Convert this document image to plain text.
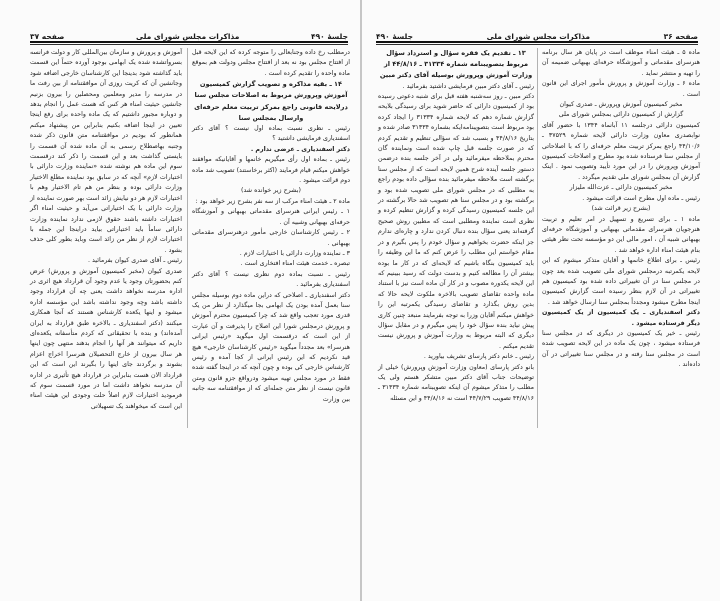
جلسهٔ ۴۹۰
مذاکرات مجلس شورای ملی
صفحه ۳۷

درمطلب رخ داده وجنابعالی را متوجه کرده که این لایحه قبل از افتتاح مجلس بود نه بعد از افتتاح مجلس ودولت هم بموقع ماده واحده را تقدیم کرده است .

۱۴ ـ بقیه مذاکره و تصویب گزارش کمیسیون آموزش وپرورش مربوط به اصلاحات مجلس سنا درلایحه قانونی راجع بمرکز تربیت معلم حرفه‌ای وارسال بمجلس سنا

رئیس ـ نظری نسبت بماده اول نیست ؟ آقای دکتر اسفندیاری فرمایشی داشتید ؟

دکتر اسفندیاری ـ عرضی ندارم .

رئیس ـ بماده اول رأی میگیریم خانمها و آقایانیکه موافقند خواهش میکنم قیام فرمایند (اکثر برخاستند) تصویب شد ماده دوم قرائت میشود .

(بشرح زیر خوانده شد)

ماده ۲ ـ هیئت امناء مرکب از سه نفر بشرح زیر خواهد بود :

۱ ـ رئیس ایرانی هنرسرای مقدماتی بهبهانی و آموزشگاه حرفه‌ای بهبهانی وشبیه آن .

۲ ـ رئیس کارشناسان خارجی مأمور درهنرسرای مقدماتی بهبهانی .

۳ ـ نماینده وزارت دارائی با اختیارات لازم .

تبصره ـ خدمت هیئت امناء افتخاری است .

رئیس ـ نسبت بماده دوم نظری نیست ؟ آقای دکتر اسفندیاری بفرمائید .

دکتر اسفندیاری ـ اصلاحی که دراین ماده دوم بوسیله مجلس سنا بعمل آمده بودن یک ابهامی بجا میگذارد از نظر من یک قدری مورد تعجب واقع شد که چرا کمیسیون محترم آموزش و پرورش درمجلس شورا این اصلاح را پذیرفت و آن عبارت از این است که درقسمت اول میگوید «رئیس ایرانی هنرسرا» بعد مجدداً میگوید «رئیس کارشناسان خارجی» هیچ قید نکردیم که این رئیس ایرانی از کجا آمده و رئیس کارشناس خارجی کی بوده و چون آنچه که در اینجا گفته شده فقط در مورد مجلس تهیه میشود ودرواقع جزو قانون ومتن قانون نیست از نظر متن جمله‌ای که از موافقتنامه سه جانبه بین وزارت

آموزش و پرورش و سازمان بین‌المللی کار و دولت فرانسه بسرواتشده شده یک ابهامی بوجود آورده حتماً این قسمت باید گذاشته شود بدینجا این کارشناسان خارجی اضافه شود وجانشین آن که کریت روزی آن موافقتنامه از بین رفت ما در مدرسه را مدیر ومعلمین ومحصلین را بیرون بزنیم جانشین حیثیت امناء هر کس که هست عمل را انجام بدهد و دوباره مجبور داشتیم که یک ماده واحده برای رفع اینجا تعیین در اینجا اضافه بکنیم بنابراین من پیشنهاد میکنم همانطور که بودیم در موافقتنامه متن قانون ذکر شده وجنبه بهاصطلاح رسمی به آن ماده شده آن قسمت را بایستی گذاشت بعد و این قسمت را ذکر کند درقسمت سوم این ماده هم نوشته شده «نماینده وزارت دارائی با اختیارات لازم» آنچه که در سابق بود نماینده مطلع الاختیار وزارت دارائی بوده و بنظر من هم تام الاختیار وهم با اختیارات لازم هر دو نیایش زائد است بهر صورت نماینده از وزارت دارائی با یک اختیاراتی می‌آید و حیثیت امناء اگر اختیارات داشته باشند حقوق لازمی ندارد نماینده وزارت دارائی ساماً باید اختیاراتی بیاید دراینجا این جمله با اختیارات لازم از نظر من زائد است وباید بطور کلی حذف بشود .

رئیس ـ آقای صدری کیوان بفرمائید .

صدری کیوان (مخبر کمیسیون آموزش و پرورش) عرض کنم بحضورتان وجود یا عدم وجود آن قرارداد هیچ اثری در اداره مدرسه نخواهد داشت یعنی چه آن قرارداد وجود داشته باشد وچه وجود نداشته باشد این مؤسسه اداره میشود و اینها یکعده کارشناس هستند که آنجا همکاری میکنند (دکتر اسفندیاری ـ بالاخره طبق قرارداد به ایران آمده‌اند) و بنده با تحقیقاتی که کردم متأسفانه یکعده‌ای داریم که میتوانند هر آنها را انجام بدهند منتهی چون اینها هر سال بیرون از خارج التحصیلان هنرسرا اخراج اعزام بشوند و برگردند جای اینها را بگیرند این است که این قرارداد الان هست بنابراین در قرارداد هیچ تأثیری در اداره آن مدرسه نخواهد داشت اما در مورد قسمت سوم که فرمودید اختیارات لازم اصلاً حلت وجودی این هیئت امناء این است که میخواهند یک تسهیلاتی

جلسهٔ ۴۹۰	مذاکرات مجلس شورای ملی	صفحه ۳۶

ماده ۵ ـ هیئت امناء موظف است در پایان هر سال برنامه هنرسرای مقدماتی و آموزشگاه حرفه‌ای بهبهانی ضمیمه آن را تهیه و منتشر نماید .

ماده ۶ ـ وزارت آموزش و پرورش مأمور اجرای این قانون است .

مخبر کمیسیون آموزش وپرورش ـ صدری کیوان

گزارش از کمیسیون دارائی بمجلس شورای ملی

کمیسیون دارائی درجلسه ۱۱ آبانماه ۱۳۴۴ با حضور آقای نوابصدری معاون وزارت دارائی لایحه شماره ۳۷۵۲۹ ـ ۴۴/۱۰/۶ راجع بمرکز تربیت معلم حرفه‌ای را که با اصلاحاتی از مجلس سنا فرستاده شده بود مطرح و اصلاحات کمیسیون آموزش وپرورش را در این مورد تأیید وتصویب نمود . اینک گزارش آن بمجلس شورای ملی تقدیم میگردد .

مخبر کمیسیون دارائی ـ عزت‌الله ملیزار

رئیس ـ ماده اول مطرح است قرائت میشود .

(بشرح زیر قرائت شد)

ماده ۱ ـ برای تسریع و تسهیل در امر تعلیم و تربیت هنرجویان هنرسرای مقدماتی بهبهانی و آموزشگاه حرفه‌ای بهبهانی شبیه آن ، امور مالی این دو مؤسسه تحت نظر هیئتی بنام هیئت امناء اداره خواهد شد .

رئیس ـ برای اطلاع خانمها و آقایان متذکر میشوم که این لایحه یکمرتبه درمجلس شورای ملی تصویب شده بعد چون در مجلس سنا در آن تغییراتی داده شده بود کمیسیون هم تغییراتی در آن لازم بنظر رسیده است گزارش کمیسیون اینجا مطرح میشود ومجدداً بمجلس سنا ارسال خواهد شد .

دکتر اسفندیاری ـ یک کمیسیون از یک کمیسیون دیگر فرستاده میشود .

رئیس ـ خیر یک کمیسیون در دیگری که در مجلس سنا فرستاده میشود ، چون یک ماده در این لایحه تصویب شده است در مجلس سنا رفته و در مجلس سنا تغییراتی در آن داده‌اند .

۱۳ ـ تقدیم یک فقره سؤال و استرداد سؤال مربوط بتصویبنامه شماره ۳۱۳۳۴ ـ ۴۴/۸/۱۶ از وزارت آموزش وپرورش بوسیله آقای دکتر مبین

رئیس ـ آقای دکتر مبین فرمایشی داشتید بفرمائید .

دکتر مبین ـ روز سه‌شنبه هفته قبل برای شنبه دعوتی رسیده بود از کمیسیون دارائی که حاضر شوید برای رسیدگی بلایحه گزارش شماره دهم که لایحه شماره ۳۱۳۳۴ را ایجاد کرده بود مربوط است بتصویبنامه‌ایکه بشماره ۳۱۳۳۴ صادر شده و بتاریخ ۴۴/۸/۱۶ و بسبب شد که سؤالی تنظیم و تقدیم کردم که در صورت جلسه قبل چاپ شده است ونماینده گان محترم بملاحظه میفرمائید ولی در آخر جلسه بنده درضمن دستور جلسه آینده شرح همین لایحه است که از مجلس سنا برگشته است ملاحظه میفرمائید بنده سؤالی داده بودم راجع به مطلبی که در مجلس شورای ملی تصویب شده بود و برگشته بود و در مجلس سنا هم تصویب شد حالا برگشته در این جلسه کمیسیون رسیدگی کرده و گزارش تنظیم کرده و نظری است نماینده ومطلبی است که مطبین روش صحیح گرفته‌اند یعنی سؤال بنده دنبال کردن ندارد و چاره‌ای ندارم جز اینکه حضرت بخواهیم و سؤال خودم را پس بگیرم و در مقام خواستم این مطلب را عرض کنم که ما این وظیفه را باید کمیسیون بنگاه باشیم که لایحه‌ای که در کار ما بوده بیشتر آن را مطالعه کنیم و بدست دولت که رسید ببینیم که این لایحه یکدوره مصوب و در کار آن ماده است نیز با استناد ماده واحده تقاضای تصویب بالاخره ملکوت لایحه حالا که بدین روش بگذارد و تقاضای رسیدگی یکمرتبه این را خواهش میکنم آقایان وزرا به توجه بفرمایند منبعد چنین کاری پیش نیاید بنده سؤال خود را پس میگیرم و در مقابل سؤال دیگری که البته مربوط به وزارت آموزش و پرورش نیست تقدیم میکنم .

رئیس ـ خانم دکتر پارسای تشریف بیاورید .

بانو دکتر پارسای (معاون وزارت آموزش وپرورش) خیلی از توضیحات جناب آقای دکتر مبین متشکر هستم ولی یک مطلب را متذکر میشوم آن اینکه تصویبنامه شماره ۳۱۳۳۴ ـ ۴۴/۸/۱۶ تصویب ۴۴/۷/۲۹ است نه ۴۴/۸/۱۶ و این مسئله
